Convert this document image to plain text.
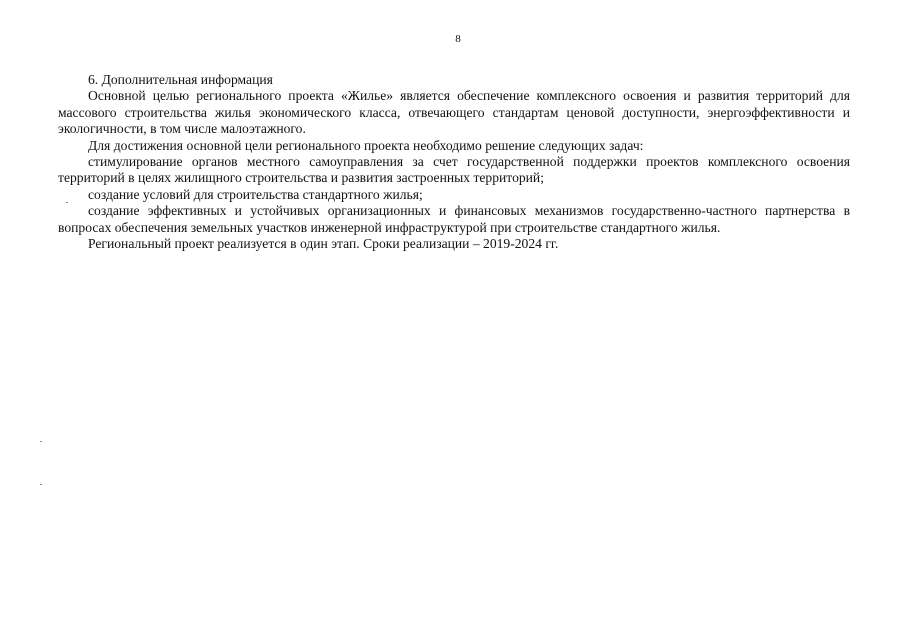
8

6. Дополнительная информация

Основной целью регионального проекта «Жилье» является обеспечение комплексного освоения и развития территорий для массового строительства жилья экономического класса, отвечающего стандартам ценовой доступности, энергоэффективности и экологичности, в том числе малоэтажного.

Для достижения основной цели регионального проекта необходимо решение следующих задач:

стимулирование органов местного самоуправления за счет государственной поддержки проектов комплексного освоения территорий в целях жилищного строительства и развития застроенных территорий;

создание условий для строительства стандартного жилья;

создание эффективных и устойчивых организационных и финансовых механизмов государственно-частного партнерства в вопросах обеспечения земельных участков инженерной инфраструктурой при строительстве стандартного жилья.

Региональный проект реализуется в один этап. Сроки реализации – 2019-2024 гг.
